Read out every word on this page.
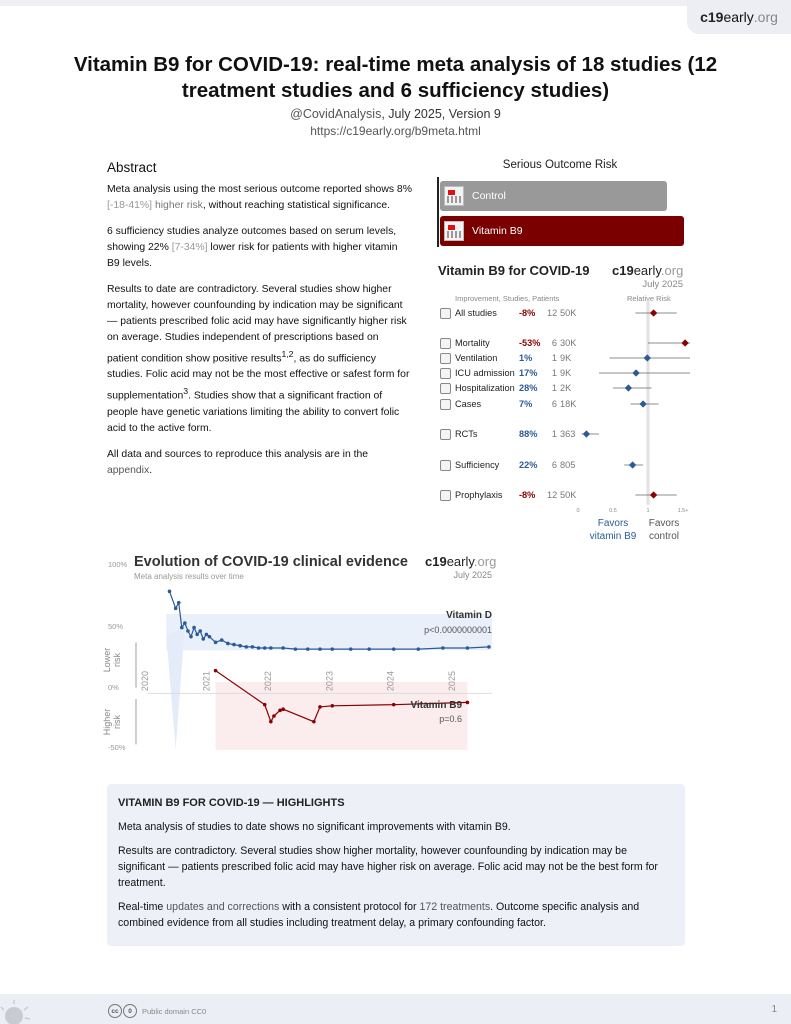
c19 early .org
Vitamin B9 for COVID-19: real-time meta analysis of 18 studies (12 treatment studies and 6 sufficiency studies)
@CovidAnalysis, July 2025, Version 9
https://c19early.org/b9meta.html
Abstract

Meta analysis using the most serious outcome reported shows 8% [-18-41%] higher risk, without reaching statistical significance.

6 sufficiency studies analyze outcomes based on serum levels, showing 22% [7-34%] lower risk for patients with higher vitamin B9 levels.

Results to date are contradictory. Several studies show higher mortality, however counfounding by indication may be significant — patients prescribed folic acid may have significantly higher risk on average. Studies independent of prescriptions based on patient condition show positive results$^{1,2}$, as do sufficiency studies. Folic acid may not be the most effective or safest form for supplementation$^3$. Studies show that a significant fraction of people have genetic variations limiting the ability to convert folic acid to the active form.

All data and sources to reproduce this analysis are in the appendix.

Serious Outcome Risk
Control
Vitamin B9
Vitamin B9 for COVID-19 c19early.org
July 2025
Improvement, Studies, Patients	Relative Risk
All studies	-8%	12 50K
Mortality	-53%	6 30K
Ventilation	1%	1 9K
ICU admission 17%	1 9K
Hospitalization 28%	1 2K
Cases	7%	6 18K
RCTs	88%	1 363
Sufficiency	22%	6 805
Prophylaxis	-8%	12 50K
0	0.5	1	1.5+
Favors vitamin B9
Favors control
Evolution of COVID-19 clinical evidence
Meta analysis results over time
c19early.org
July 2025
100%
50%
0%
-50%
Lower risk
Higher risk
2020	2021	2022	2023	2024	2025
Vitamin D
p<0.0000000001
Vitamin B9
p=0.6
VITAMIN B9 FOR COVID-19 — HIGHLIGHTS

Meta analysis of studies to date shows no significant improvements with vitamin B9.

Results are contradictory. Several studies show higher mortality, however counfounding by indication may be significant — patients prescribed folic acid may have higher risk on average. Folic acid may not be the best form for treatment.

Real-time updates and corrections with a consistent protocol for 172 treatments. Outcome specific analysis and combined evidence from all studies including treatment delay, a primary confounding factor.

cc	0	Public domain CC0	1
